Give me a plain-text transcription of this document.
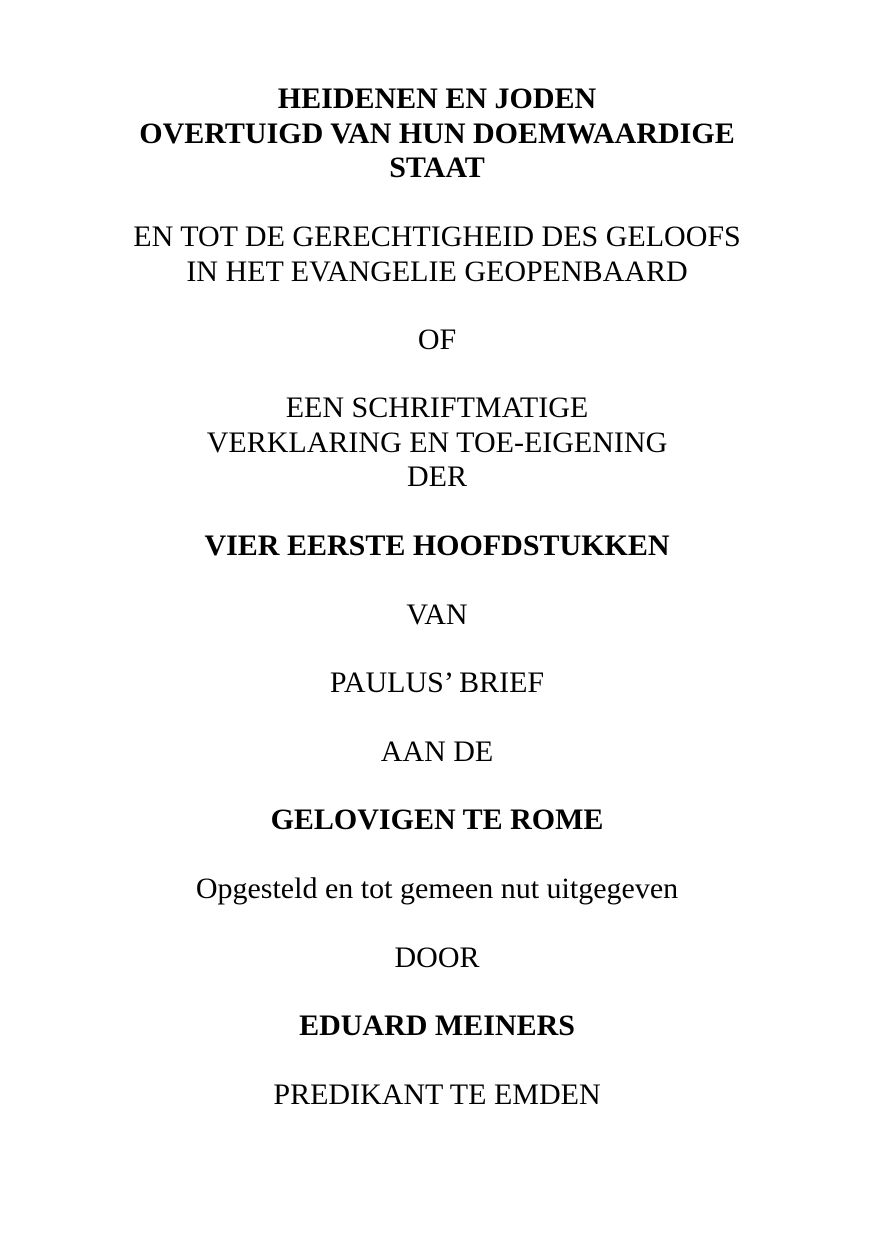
HEIDENEN EN JODEN
OVERTUIGD VAN HUN DOEMWAARDIGE
STAAT
EN TOT DE GERECHTIGHEID DES GELOOFS
IN HET EVANGELIE GEOPENBAARD
OF
EEN SCHRIFTMATIGE
VERKLARING EN TOE-EIGENING
DER
VIER EERSTE HOOFDSTUKKEN
VAN
PAULUS’ BRIEF
AAN DE
GELOVIGEN TE ROME
Opgesteld en tot gemeen nut uitgegeven
DOOR
EDUARD MEINERS
PREDIKANT TE EMDEN
